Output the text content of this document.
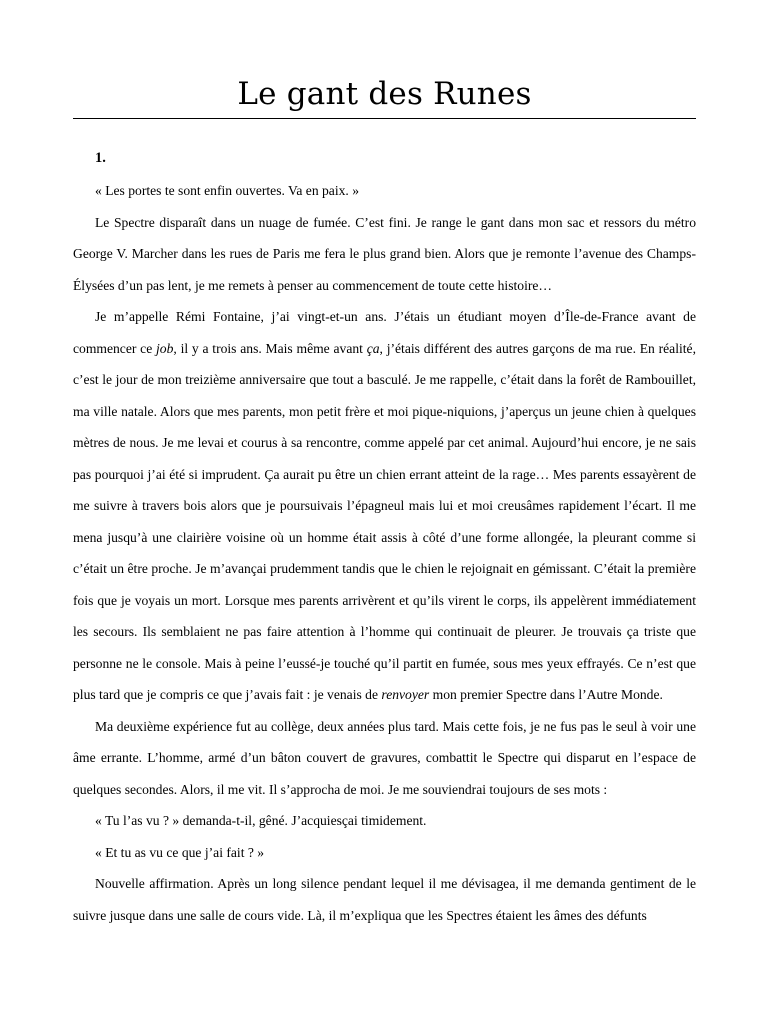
Le gant des Runes
1.

« Les portes te sont enfin ouvertes. Va en paix. »

Le Spectre disparaît dans un nuage de fumée. C’est fini. Je range le gant dans mon sac et ressors du métro George V. Marcher dans les rues de Paris me fera le plus grand bien. Alors que je remonte l’avenue des Champs-Élysées d’un pas lent, je me remets à penser au commencement de toute cette histoire…

Je m’appelle Rémi Fontaine, j’ai vingt-et-un ans. J’étais un étudiant moyen d’Île-de-France avant de commencer ce job, il y a trois ans. Mais même avant ça, j’étais différent des autres garçons de ma rue. En réalité, c’est le jour de mon treizième anniversaire que tout a basculé. Je me rappelle, c’était dans la forêt de Rambouillet, ma ville natale. Alors que mes parents, mon petit frère et moi pique-niquions, j’aperçus un jeune chien à quelques mètres de nous. Je me levai et courus à sa rencontre, comme appelé par cet animal. Aujourd’hui encore, je ne sais pas pourquoi j’ai été si imprudent. Ça aurait pu être un chien errant atteint de la rage… Mes parents essayèrent de me suivre à travers bois alors que je poursuivais l’épagneul mais lui et moi creusâmes rapidement l’écart. Il me mena jusqu’à une clairière voisine où un homme était assis à côté d’une forme allongée, la pleurant comme si c’était un être proche. Je m’avançai prudemment tandis que le chien le rejoignait en gémissant. C’était la première fois que je voyais un mort. Lorsque mes parents arrivèrent et qu’ils virent le corps, ils appelèrent immédiatement les secours. Ils semblaient ne pas faire attention à l’homme qui continuait de pleurer. Je trouvais ça triste que personne ne le console. Mais à peine l’eussé-je touché qu’il partit en fumée, sous mes yeux effrayés. Ce n’est que plus tard que je compris ce que j’avais fait : je venais de renvoyer mon premier Spectre dans l’Autre Monde.

Ma deuxième expérience fut au collège, deux années plus tard. Mais cette fois, je ne fus pas le seul à voir une âme errante. L’homme, armé d’un bâton couvert de gravures, combattit le Spectre qui disparut en l’espace de quelques secondes. Alors, il me vit. Il s’approcha de moi. Je me souviendrai toujours de ses mots :

« Tu l’as vu ? » demanda-t-il, gêné. J’acquiesçai timidement.

« Et tu as vu ce que j’ai fait ? »

Nouvelle affirmation. Après un long silence pendant lequel il me dévisagea, il me demanda gentiment de le suivre jusque dans une salle de cours vide. Là, il m’expliqua que les Spectres étaient les âmes des défunts
